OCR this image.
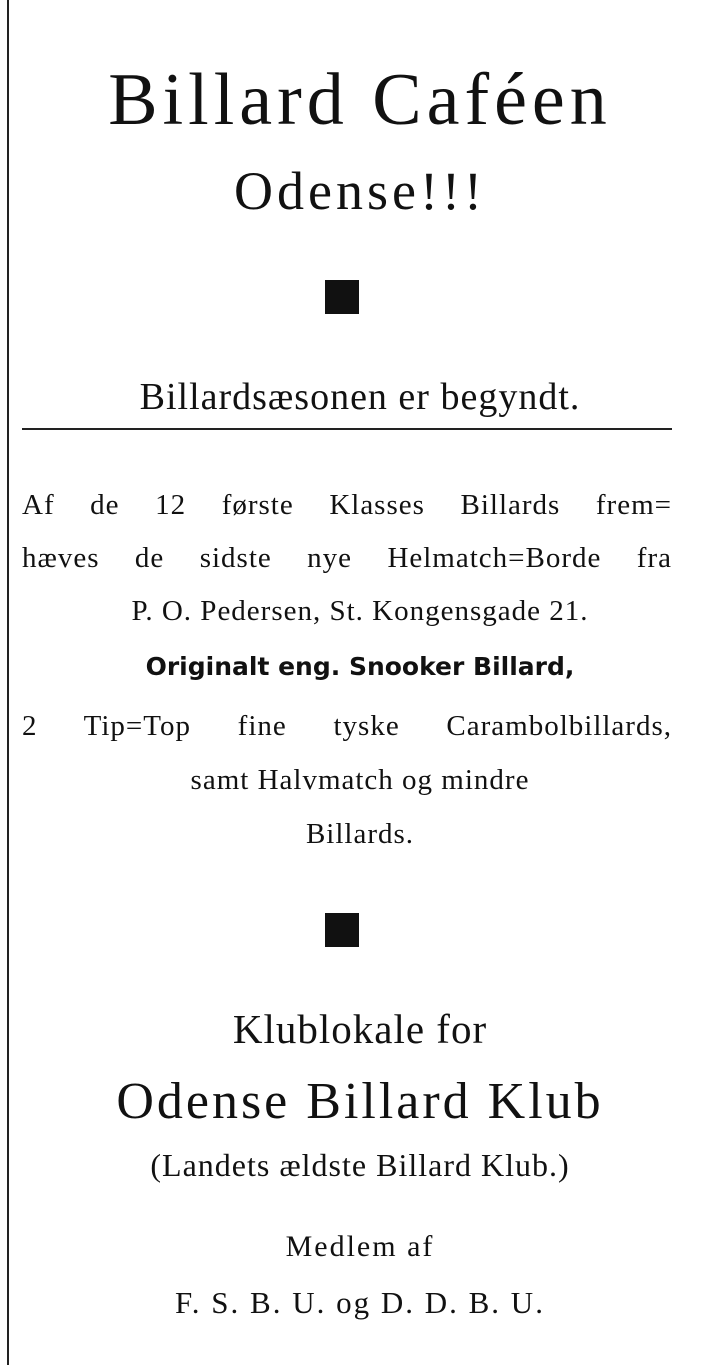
Billard Caféen
Odense!!!
Billardsæsonen er begyndt.
Af de 12 første Klasses Billards frem=
hæves de sidste nye Helmatch=Borde fra
P. O. Pedersen, St. Kongensgade 21.
Originalt eng. Snooker Billard,
2 Tip=Top fine tyske Carambolbillards,
samt Halvmatch og mindre
Billards.
Klublokale for
Odense Billard Klub
(Landets ældste Billard Klub.)
Medlem af
F. S. B. U. og D. D. B. U.
